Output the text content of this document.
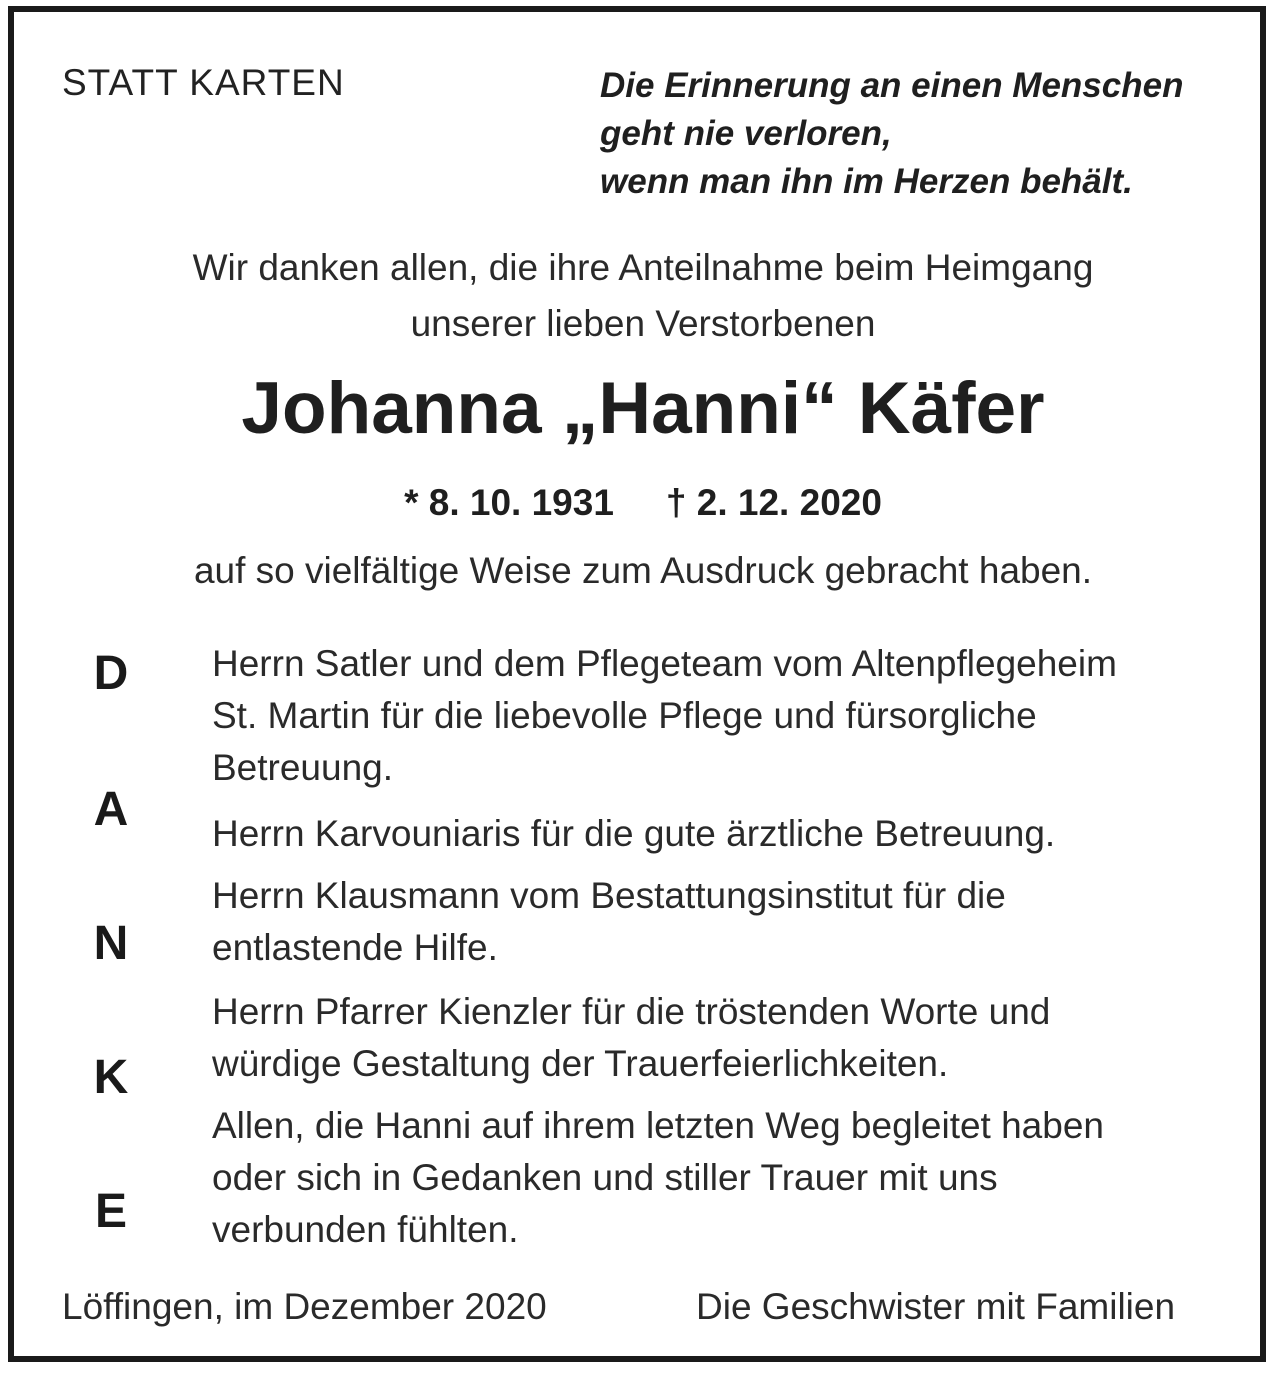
STATT KARTEN	Die Erinnerung an einen Menschen
geht nie verloren,
wenn man ihn im Herzen behält.

Wir danken allen, die ihre Anteilnahme beim Heimgang
unserer lieben Verstorbenen

Johanna „Hanni“ Käfer

* 8. 10. 1931 † 2. 12. 2020

auf so vielfältige Weise zum Ausdruck gebracht haben.

D
A
N
K
E
Herrn Satler und dem Pflegeteam vom Altenpflegeheim
St. Martin für die liebevolle Pflege und fürsorgliche
Betreuung.
Herrn Karvouniaris für die gute ärztliche Betreuung.
Herrn Klausmann vom Bestattungsinstitut für die
entlastende Hilfe.
Herrn Pfarrer Kienzler für die tröstenden Worte und
würdige Gestaltung der Trauerfeierlichkeiten.
Allen, die Hanni auf ihrem letzten Weg begleitet haben
oder sich in Gedanken und stiller Trauer mit uns
verbunden fühlten.

Löffingen, im Dezember 2020	Die Geschwister mit Familien
